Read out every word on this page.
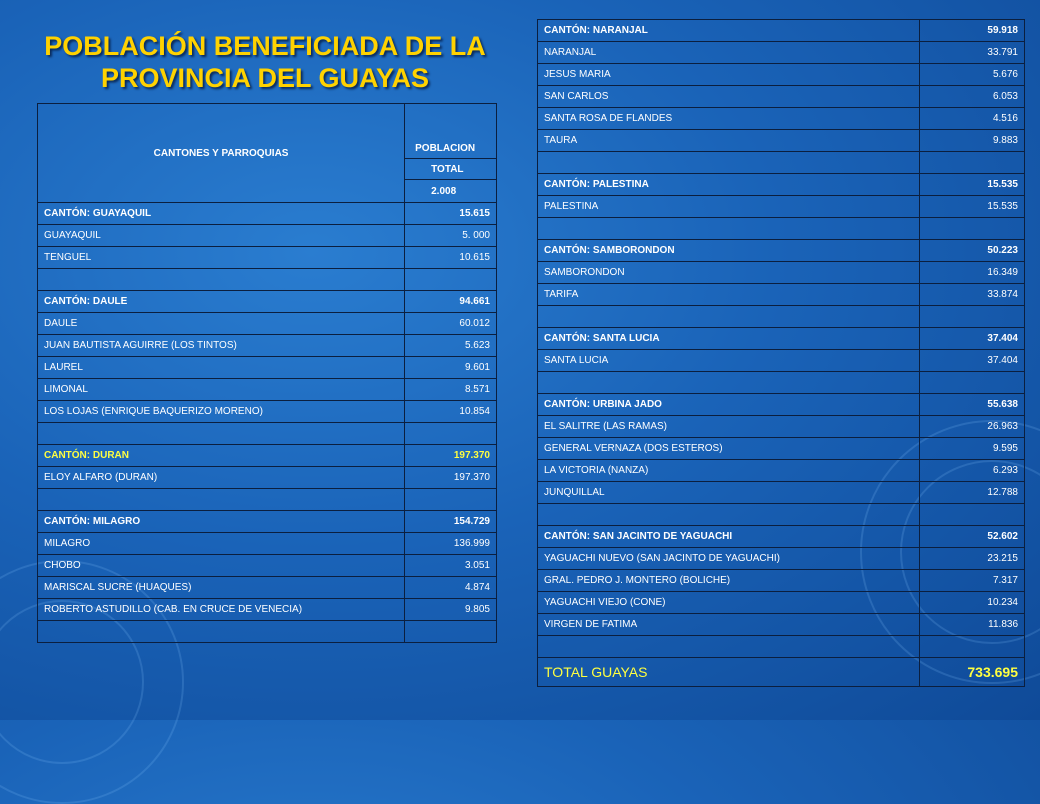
POBLACIÓN BENEFICIADA DE LA PROVINCIA DEL GUAYAS
CANTONES Y PARROQUIAS	POBLACION
	TOTAL
	2.008
CANTÓN: GUAYAQUIL	15.615
GUAYAQUIL	5. 000
TENGUEL	10.615

CANTÓN: DAULE	94.661
DAULE	60.012
JUAN BAUTISTA AGUIRRE (LOS TINTOS)	5.623
LAUREL	9.601
LIMONAL	8.571
LOS LOJAS (ENRIQUE BAQUERIZO MORENO)	10.854

CANTÓN: DURAN	197.370
ELOY ALFARO (DURAN)	197.370

CANTÓN: MILAGRO	154.729
MILAGRO	136.999
CHOBO	3.051
MARISCAL SUCRE (HUAQUES)	4.874
ROBERTO ASTUDILLO (CAB. EN CRUCE DE VENECIA)	9.805

CANTÓN: NARANJAL	59.918
NARANJAL	33.791
JESUS MARIA	5.676
SAN CARLOS	6.053
SANTA ROSA DE FLANDES	4.516
TAURA	9.883

CANTÓN: PALESTINA	15.535
PALESTINA	15.535

CANTÓN: SAMBORONDON	50.223
SAMBORONDON	16.349
TARIFA	33.874

CANTÓN: SANTA LUCIA	37.404
SANTA LUCIA	37.404

CANTÓN: URBINA JADO	55.638
EL SALITRE (LAS RAMAS)	26.963
GENERAL VERNAZA (DOS ESTEROS)	9.595
LA VICTORIA (NANZA)	6.293
JUNQUILLAL	12.788

CANTÓN: SAN JACINTO DE YAGUACHI	52.602
YAGUACHI NUEVO (SAN JACINTO DE YAGUACHI)	23.215
GRAL. PEDRO J. MONTERO (BOLICHE)	7.317
YAGUACHI VIEJO (CONE)	10.234
VIRGEN DE FATIMA	11.836

TOTAL GUAYAS	733.695
